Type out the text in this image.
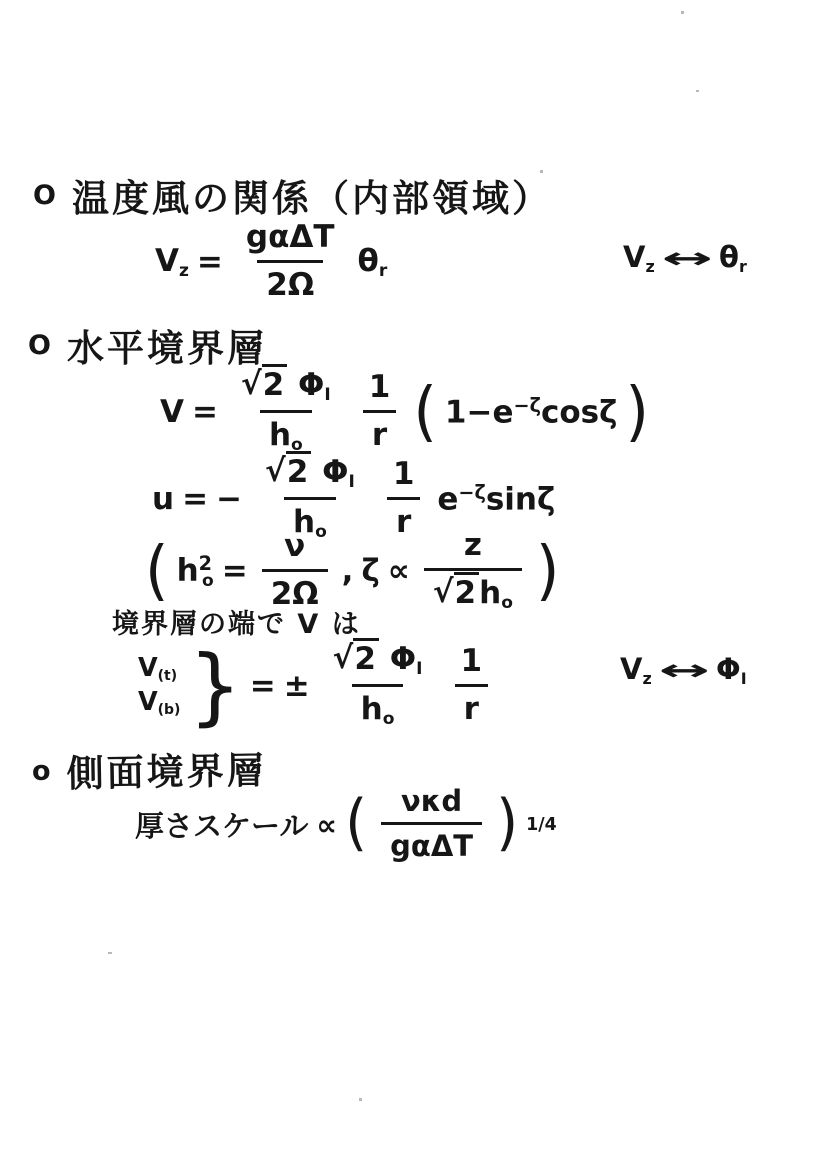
O 温度風の関係（内部領域）
$V_z = \frac{\text{gαΔT}}{2\Omega} \theta_r$	$V_z$ ↔ $\theta_r$
O 水平境界層
$V = \frac{√2 \Phi_I}{h_o} \frac{1}{r}$ ( $1-e^{-\zeta}\cos\zeta$ )
u = − $\frac{√2 \Phi_I}{h_o} \frac{1}{r} e^{-\zeta}\sin\zeta$
( $h^2_o = \frac{\nu}{2\Omega}$ , $\zeta \propto \frac{z}{√2h_o}$ )
境界層の端で V は
$V_{(t)}$
$V_{(b)}$ } = ± $\frac{√2 \Phi_I}{h_o} \frac{1}{r}$	$V_z$ ↔ $\Phi_I$
o 側面境界層
厚さスケール ∝ ( $\frac{\text{νκd}}{\text{gαΔT}}$ ) 1/4
